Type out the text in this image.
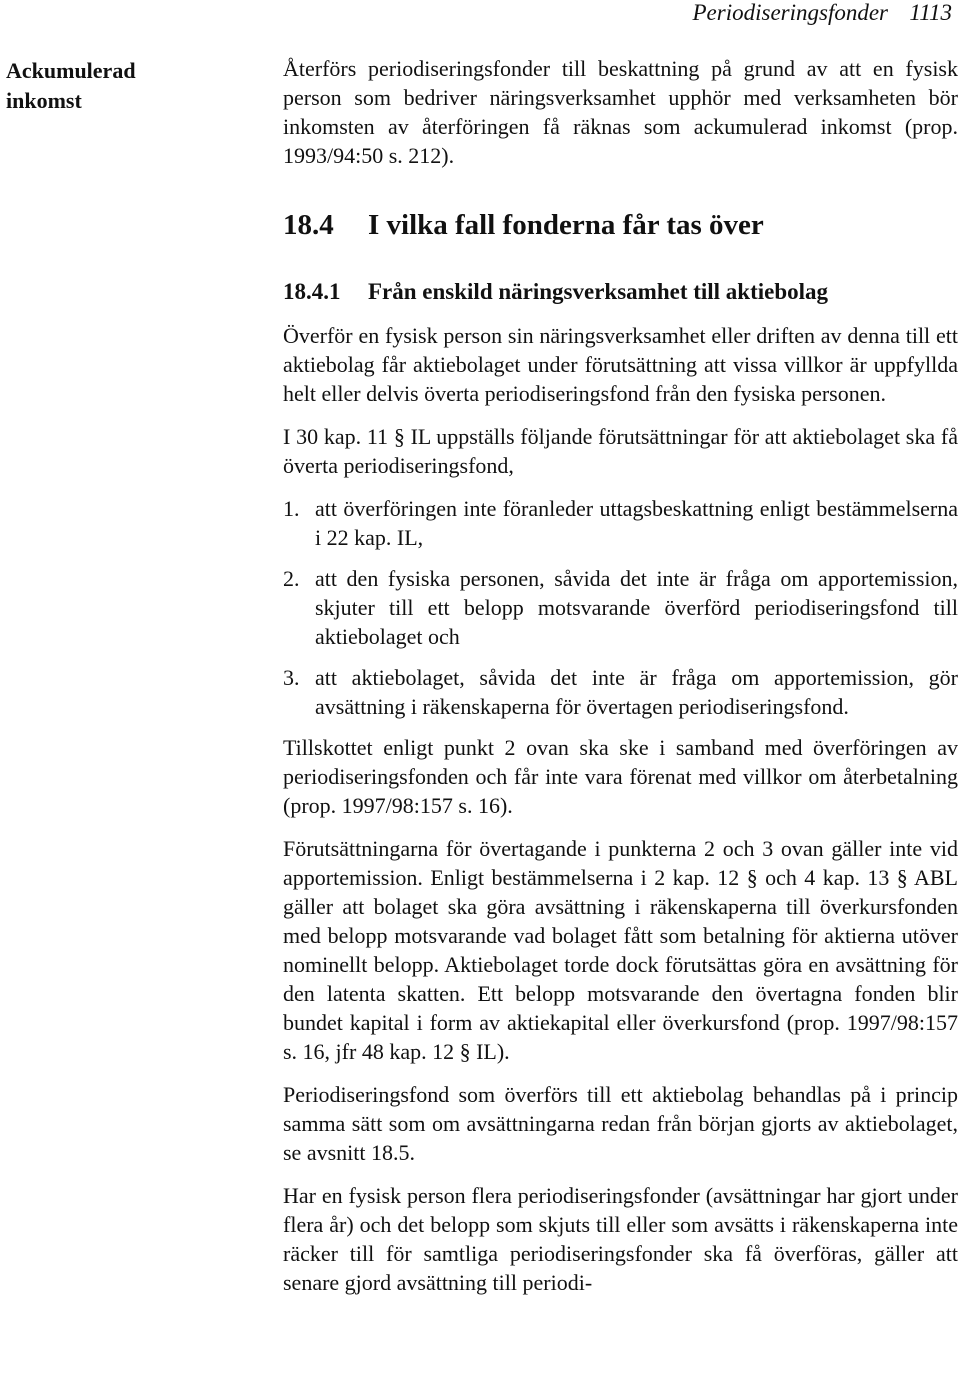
Periodiseringsfonder 1113
Ackumulerad
inkomst

Återförs periodiseringsfonder till beskattning på grund av att en fysisk person som bedriver näringsverksamhet upphör med verksamheten bör inkomsten av återföringen få räknas som ackumulerad inkomst (prop. 1993/94:50 s. 212).

18.4	I vilka fall fonderna får tas över
18.4.1	Från enskild näringsverksamhet till aktiebolag

Överför en fysisk person sin näringsverksamhet eller driften av denna till ett aktiebolag får aktiebolaget under förutsättning att vissa villkor är uppfyllda helt eller delvis överta periodiseringsfond från den fysiska personen.

I 30 kap. 11 § IL uppställs följande förutsättningar för att aktiebolaget ska få överta periodiseringsfond,

1. att överföringen inte föranleder uttagsbeskattning enligt bestämmelserna i 22 kap. IL,
2. att den fysiska personen, såvida det inte är fråga om apportemission, skjuter till ett belopp motsvarande överförd periodiseringsfond till aktiebolaget och
3. att aktiebolaget, såvida det inte är fråga om apportemission, gör avsättning i räkenskaperna för övertagen periodiseringsfond.

Tillskottet enligt punkt 2 ovan ska ske i samband med överföringen av periodiseringsfonden och får inte vara förenat med villkor om återbetalning (prop. 1997/98:157 s. 16).

Förutsättningarna för övertagande i punkterna 2 och 3 ovan gäller inte vid apportemission. Enligt bestämmelserna i 2 kap. 12 § och 4 kap. 13 § ABL gäller att bolaget ska göra avsättning i räkenskaperna till överkursfonden med belopp motsvarande vad bolaget fått som betalning för aktierna utöver nominellt belopp. Aktiebolaget torde dock förutsättas göra en avsättning för den latenta skatten. Ett belopp motsvarande den övertagna fonden blir bundet kapital i form av aktiekapital eller överkursfond (prop. 1997/98:157 s. 16, jfr 48 kap. 12 § IL).

Periodiseringsfond som överförs till ett aktiebolag behandlas på i princip samma sätt som om avsättningarna redan från början gjorts av aktiebolaget, se avsnitt 18.5.

Har en fysisk person flera periodiseringsfonder (avsättningar har gjort under flera år) och det belopp som skjuts till eller som avsätts i räkenskaperna inte räcker till för samtliga periodiseringsfonder ska få överföras, gäller att senare gjord avsättning till periodi-
